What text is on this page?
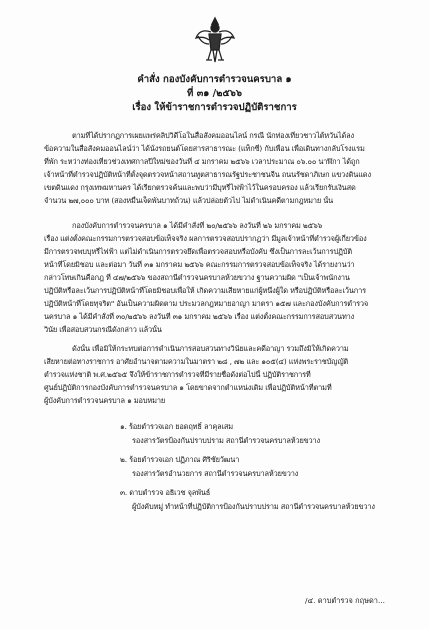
คำสั่ง กองบังคับการตำรวจนครบาล ๑
ที่ ๓๑ /๒๕๖๖
เรื่อง ให้ข้าราชการตำรวจปฏิบัติราชการ
ตามที่ได้ปรากฏการเผยแพร่คลิปวิดีโอในสื่อสังคมออนไลน์ กรณี นักท่องเที่ยวชาวไต้หวันได้ลง
ข้อความในสื่อสังคมออนไลน์ว่า ได้นั่งรถยนต์โดยสารสาธารณะ (แท็กซี่) กับเพื่อน เพื่อเดินทางกลับโรงแรม
ที่พัก ระหว่างท่องเที่ยวช่วงเทศกาลปีใหม่ของวันที่ ๔ มกราคม ๒๕๖๖ เวลาประมาณ ๐๖.๐๐ นาฬิกา ได้ถูก
เจ้าหน้าที่ตำรวจปฏิบัติหน้าที่ตั้งจุดตรวจหน้าสถานทูตสาธารณรัฐประชาชนจีน ถนนรัชดาภิเษก แขวงดินแดง
เขตดินแดง กรุงเทพมหานคร ได้เรียกตรวจค้นและพบว่ามีบุหรี่ไฟฟ้าไว้ในครอบครอง แล้วเรียกรับเงินสด
จำนวน ๒๗,๐๐๐ บาท (สองหมื่นเจ็ดพันบาทถ้วน) แล้วปล่อยตัวไป ไม่ดำเนินคดีตามกฎหมาย นั้น
กองบังคับการตำรวจนครบาล ๑ ได้มีคำสั่งที่ ๒๐/๒๕๖๖ ลงวันที่ ๒๖ มกราคม ๒๕๖๖
เรื่อง แต่งตั้งคณะกรรมการตรวจสอบข้อเท็จจริง ผลการตรวจสอบปรากฏว่า มีมูลเจ้าหน้าที่ตำรวจผู้เกี่ยวข้อง
มีการตรวจพบบุหรี่ไฟฟ้า แต่ไม่ดำเนินการตรวจยึดเพื่อตรวจสอบหรือบังคับ ซึ่งเป็นการละเว้นการปฏิบัติ
หน้าที่โดยมิชอบ และต่อมา วันที่ ๓๑ มกราคม ๒๕๖๖ คณะกรรมการตรวจสอบข้อเท็จจริง ได้รายงานว่า
กล่าวโทษเกินคือกฎ ที่ ๔๗/๒๕๖๖ ของสถานีตำรวจนครบาลห้วยขวาง ฐานความผิด "เป็นเจ้าพนักงาน
ปฏิบัติหรือละเว้นการปฏิบัติหน้าที่โดยมิชอบเพื่อให้ เกิดความเสียหายแก่ผู้หนึ่งผู้ใด หรือปฏิบัติหรือละเว้นการ
ปฏิบัติหน้าที่โดยทุจริต" อันเป็นความผิดตาม ประมวลกฎหมายอาญา มาตรา ๑๕๗ และกองบังคับการตำรวจ
นครบาล ๑ ได้มีคำสั่งที่ ๓๐/๒๕๖๖ ลงวันที่ ๓๑ มกราคม ๒๕๖๖ เรื่อง แต่งตั้งคณะกรรมการสอบสวนทาง
วินัย เพื่อสอบสวนกรณีดังกล่าว แล้วนั้น
ดังนั้น เพื่อมิให้กระทบต่อการดำเนินการสอบสวนทางวินัยและคดีอาญา รวมถึงมิให้เกิดความ
เสียหายต่อทางราชการ อาศัยอำนาจตามความในมาตรา ๒๘ , ๗๒ และ ๑๐๕(๔) แห่งพระราชบัญญัติ
ตำรวจแห่งชาติ พ.ศ.๒๕๖๕ จึงให้ข้าราชการตำรวจที่มีรายชื่อดังต่อไปนี้ ปฏิบัติราชการที่
ศูนย์ปฏิบัติการกองบังคับการตำรวจนครบาล ๑ โดยขาดจากตำแหน่งเดิม เพื่อปฏิบัติหน้าที่ตามที่
ผู้บังคับการตำรวจนครบาล ๑ มอบหมาย
๑. ร้อยตำรวจเอก ยอดฤทธิ์ ลาคุลเสม
รองสารวัตรป้องกันปราบปราม สถานีตำรวจนครบาลห้วยขวาง
๒. ร้อยตำรวจเอก ปฏิภาณ ศิริชัยวัฒนา
รองสารวัตรอำนวยการ สถานีตำรวจนครบาลห้วยขวาง
๓. ดาบตำรวจ อธิเวช จุลพันธ์
ผู้บังคับหมู่ ทำหน้าที่ปฏิบัติการป้องกันปราบปราม สถานีตำรวจนครบาลห้วยขวาง
/๔. ดาบตำรวจ กฤษดา...
